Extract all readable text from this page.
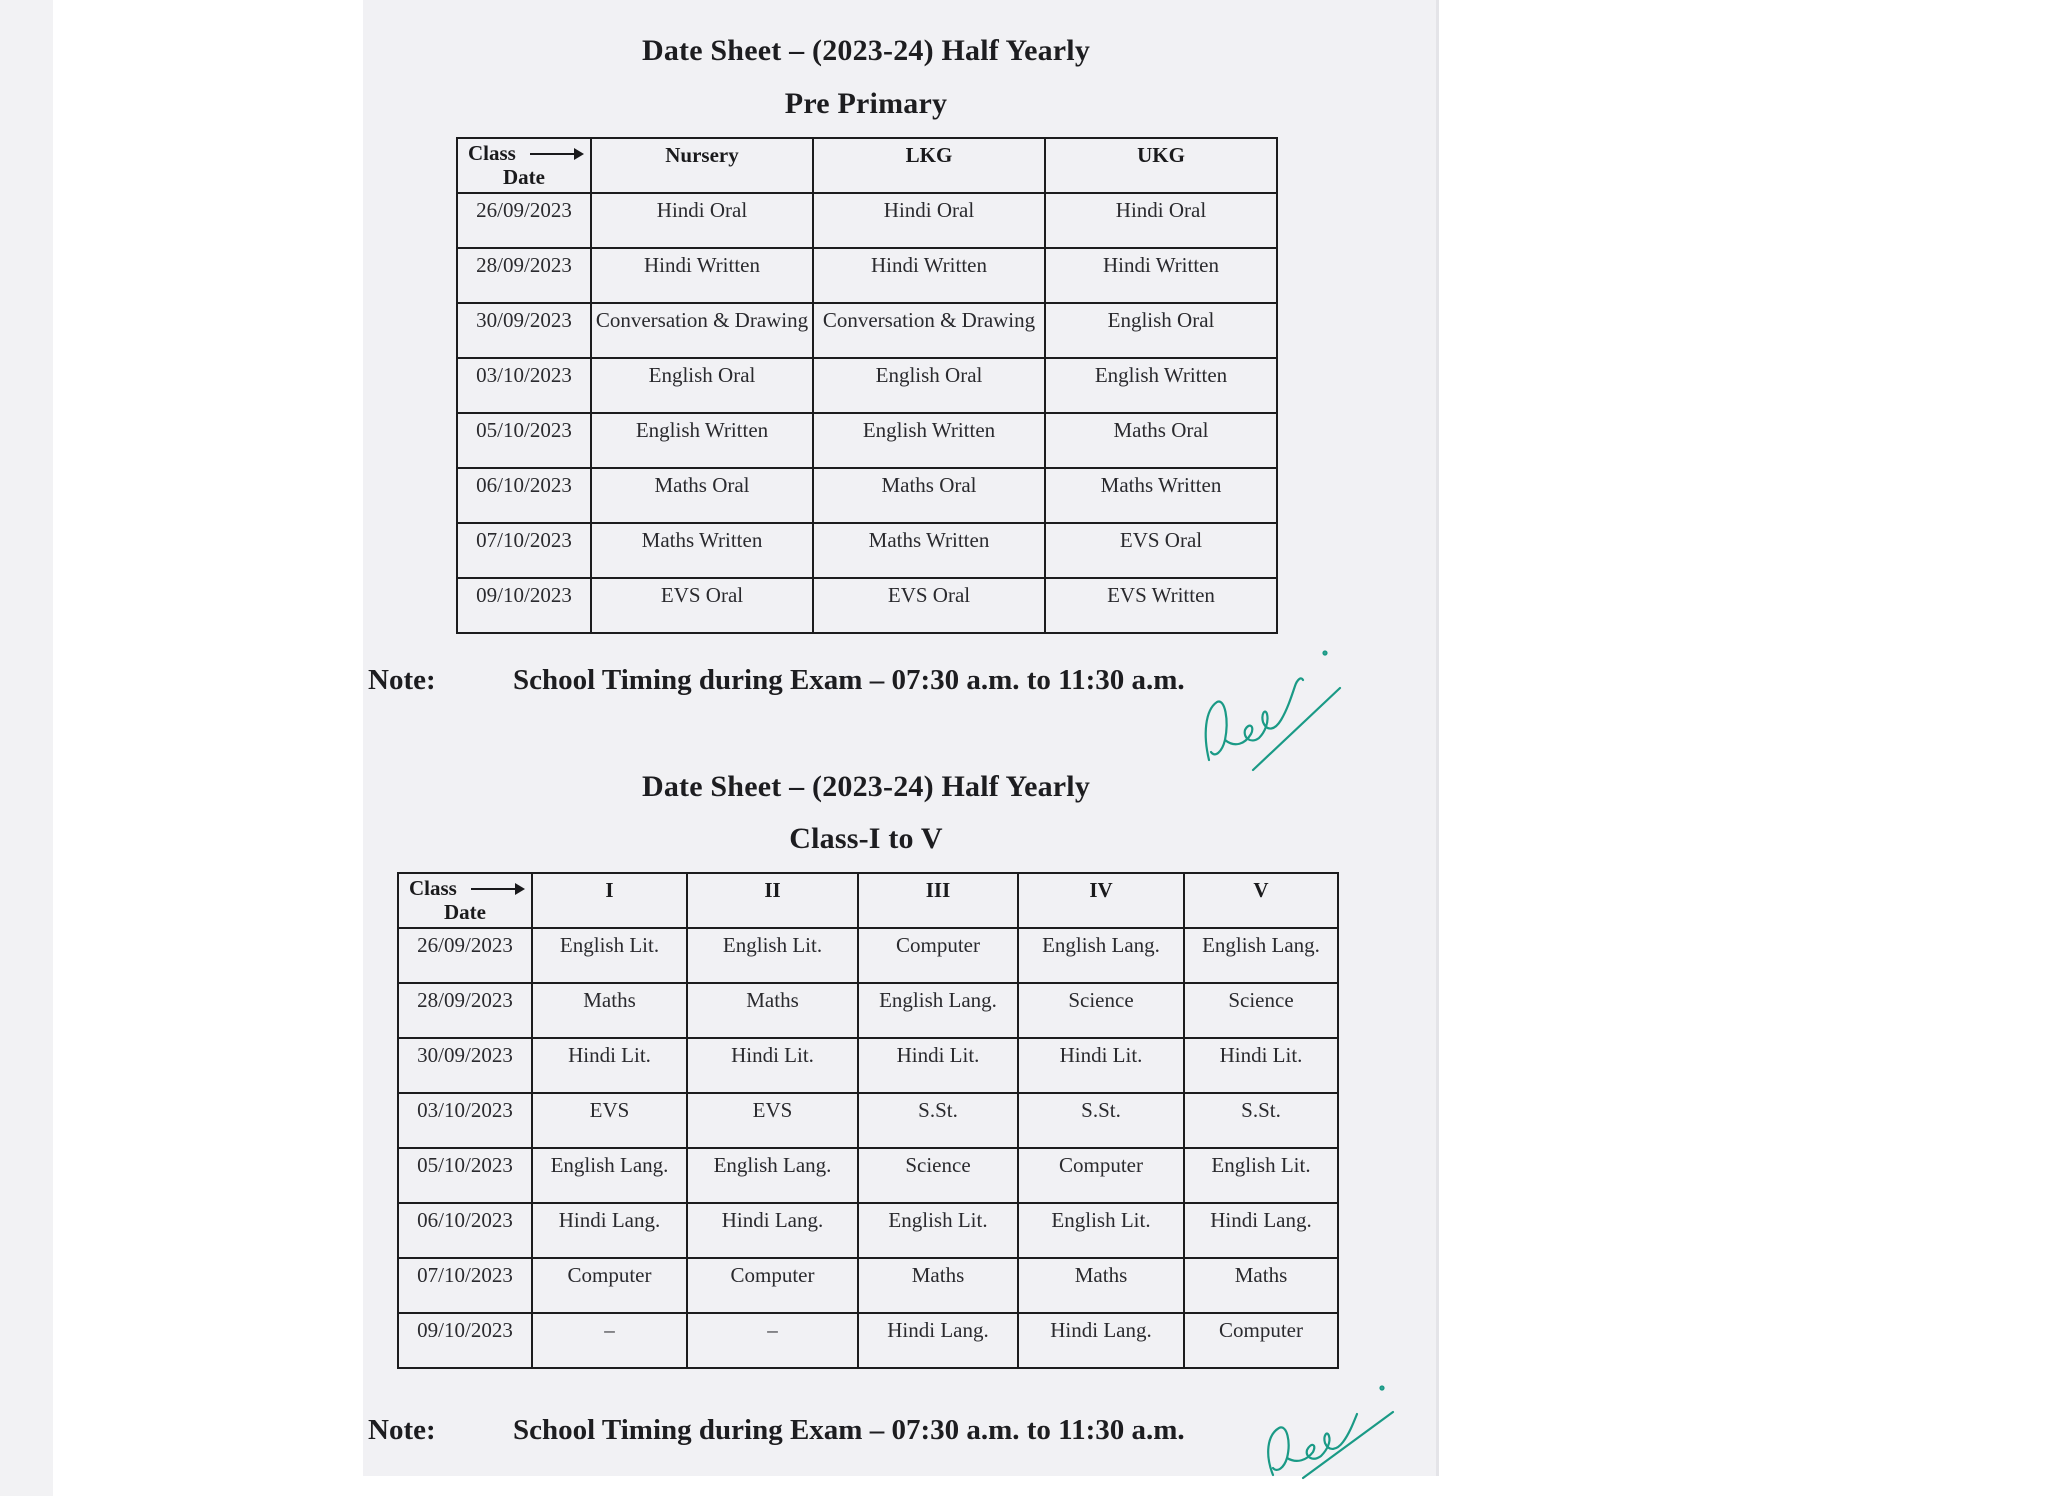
Date Sheet – (2023-24) Half Yearly
Pre Primary
Class
Date	Nursery	LKG	UKG
26/09/2023	Hindi Oral	Hindi Oral	Hindi Oral
28/09/2023	Hindi Written	Hindi Written	Hindi Written
30/09/2023	Conversation & Drawing	Conversation & Drawing	English Oral
03/10/2023	English Oral	English Oral	English Written
05/10/2023	English Written	English Written	Maths Oral
06/10/2023	Maths Oral	Maths Oral	Maths Written
07/10/2023	Maths Written	Maths Written	EVS Oral
09/10/2023	EVS Oral	EVS Oral	EVS Written
Note:	School Timing during Exam – 07:30 a.m. to 11:30 a.m.
Date Sheet – (2023-24) Half Yearly
Class-I to V
Class
Date	I	II	III	IV	V
26/09/2023	English Lit.	English Lit.	Computer	English Lang.	English Lang.
28/09/2023	Maths	Maths	English Lang.	Science	Science
30/09/2023	Hindi Lit.	Hindi Lit.	Hindi Lit.	Hindi Lit.	Hindi Lit.
03/10/2023	EVS	EVS	S.St.	S.St.	S.St.
05/10/2023	English Lang.	English Lang.	Science	Computer	English Lit.
06/10/2023	Hindi Lang.	Hindi Lang.	English Lit.	English Lit.	Hindi Lang.
07/10/2023	Computer	Computer	Maths	Maths	Maths
09/10/2023	–	–	Hindi Lang.	Hindi Lang.	Computer
Note:	School Timing during Exam – 07:30 a.m. to 11:30 a.m.
